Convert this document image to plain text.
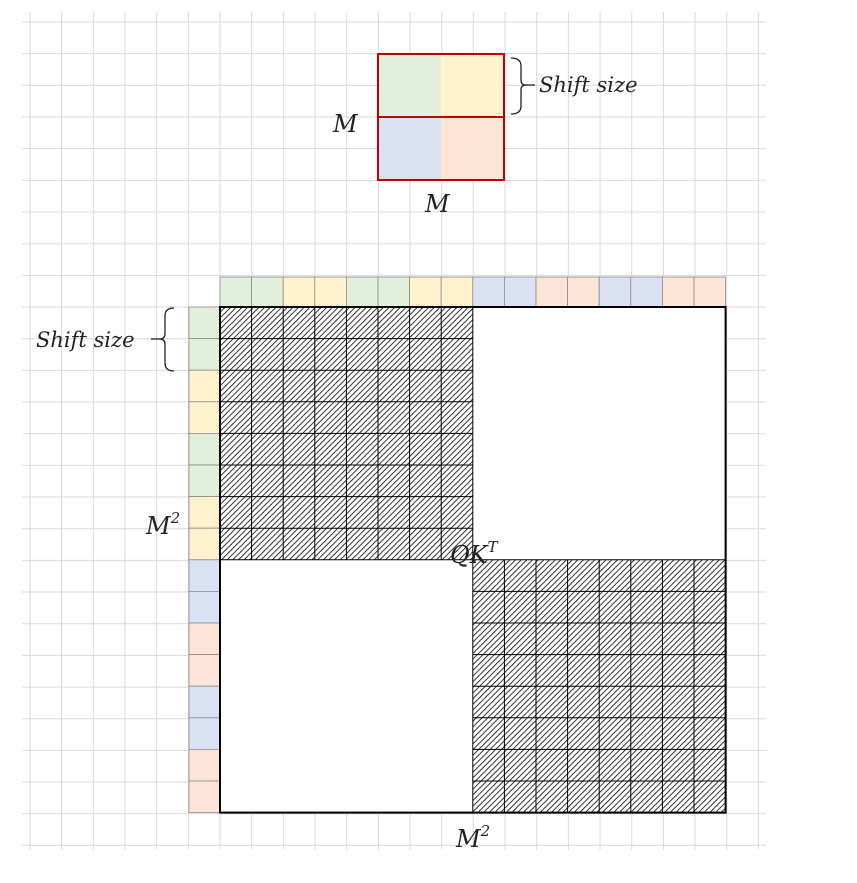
Shift size
M
M
Shift size
$M^2$
$M^2$
$QK^T$
